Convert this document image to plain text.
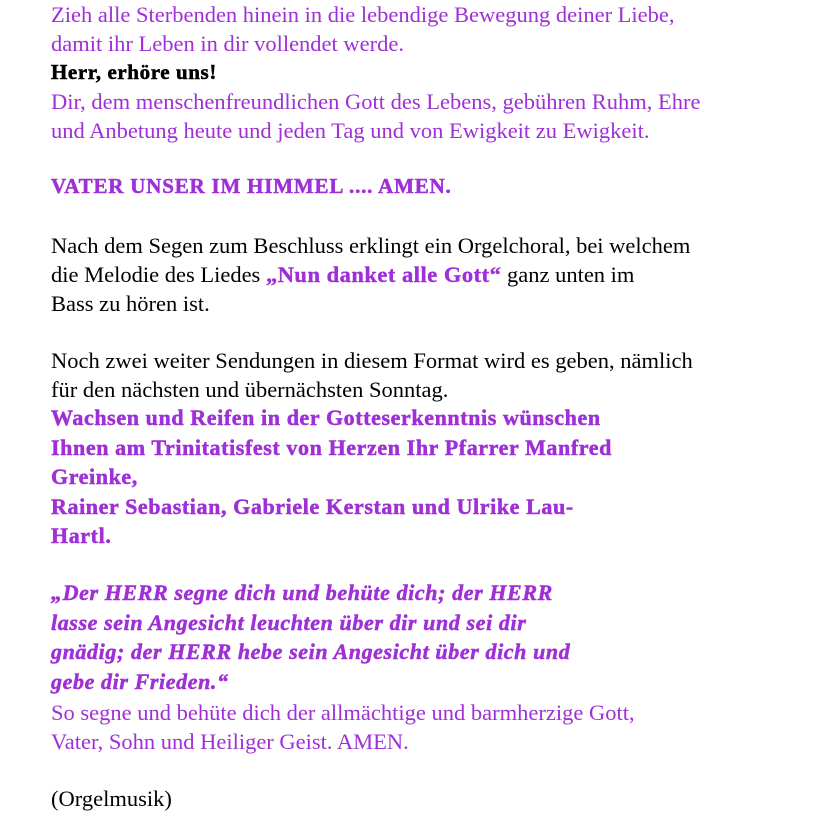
Zieh alle Sterbenden hinein in die lebendige Bewegung deiner Liebe,
damit ihr Leben in dir vollendet werde.
Herr, erhöre uns!
Dir, dem menschenfreundlichen Gott des Lebens, gebühren Ruhm, Ehre
und Anbetung heute und jeden Tag und von Ewigkeit zu Ewigkeit.
VATER UNSER IM HIMMEL .... AMEN.
Nach dem Segen zum Beschluss erklingt ein Orgelchoral, bei welchem
die Melodie des Liedes „Nun danket alle Gott“ ganz unten im
Bass zu hören ist.
Noch zwei weiter Sendungen in diesem Format wird es geben, nämlich
für den nächsten und übernächsten Sonntag.
Wachsen und Reifen in der Gotteserkenntnis wünschen
Ihnen am Trinitatisfest von Herzen Ihr Pfarrer Manfred
Greinke,
Rainer Sebastian, Gabriele Kerstan und Ulrike Lau-
Hartl.
„Der HERR segne dich und behüte dich; der HERR
lasse sein Angesicht leuchten über dir und sei dir
gnädig; der HERR hebe sein Angesicht über dich und
gebe dir Frieden.“
So segne und behüte dich der allmächtige und barmherzige Gott,
Vater, Sohn und Heiliger Geist. AMEN.
(Orgelmusik)
